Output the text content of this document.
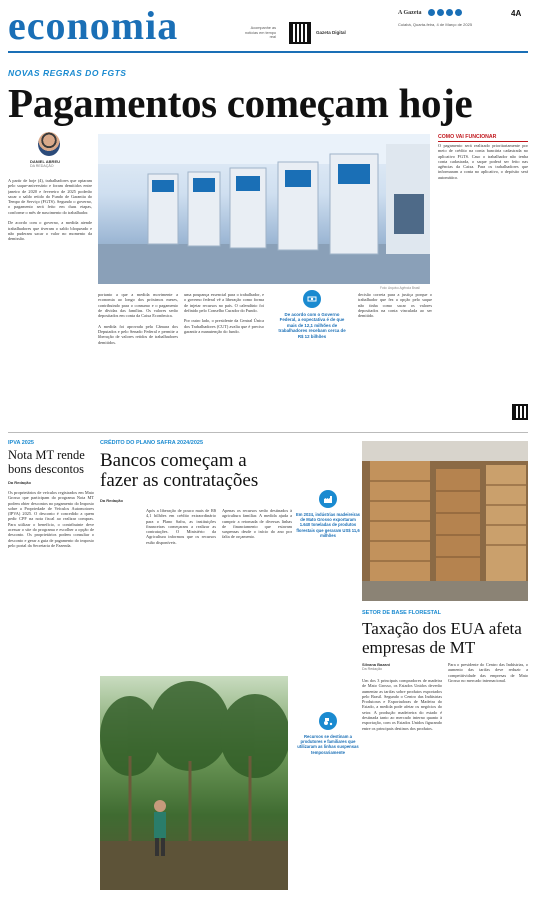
economia	Acompanhe as notícias em tempo real
Gazeta Digital
A Gazeta	4A
Cuiabá, Quarta-feira, 4 de Março de 2025
NOVAS REGRAS DO FGTS
Pagamentos começam hoje
DANIEL ABREU
DA REDAÇÃO
Foto: Arquivo Agência Brasil
COMO VAI FUNCIONAR
O pagamento será realizado prioritariamente por meio de crédito na conta bancária cadastrada no aplicativo FGTS. Caso o trabalhador não tenha conta cadastrada, o saque poderá ser feito nas agências da Caixa. Para os trabalhadores que informaram a conta no aplicativo, o depósito será automático.
A partir de hoje (4), trabalhadores que optaram pelo saque-aniversário e foram demitidos entre janeiro de 2020 e fevereiro de 2025 poderão sacar o saldo retido do Fundo de Garantia do Tempo de Serviço (FGTS). Segundo o governo, o pagamento será feito em duas etapas, conforme o mês de nascimento do trabalhador.

De acordo com o governo, a medida atende trabalhadores que tiveram o saldo bloqueado e não puderam sacar o valor no momento da demissão.
portanto a que a medida movimente a economia ao longo dos próximos meses, contribuindo para o consumo e o pagamento de dívidas das famílias. Os valores serão depositados em conta da Caixa Econômica.

A medida foi aprovada pela Câmara dos Deputados e pelo Senado Federal e permite a liberação de valores retidos de trabalhadores demitidos.
uma poupança essencial para o trabalhador, e o governo federal vê a liberação como forma de injetar recursos no país. O calendário foi definido pelo Conselho Curador do Fundo.

Por outro lado, o presidente da Central Única dos Trabalhadores (CUT) avalia que é preciso garantir a manutenção do fundo.
De acordo com o Governo Federal, a expectativa é de que mais de 12,1 milhões de trabalhadores recebam cerca de R$ 12 bilhões
decisão correta para a justiça porque o trabalhador que fez a opção pelo saque não tinha como sacar os valores depositados na conta vinculada ao ser demitido.
IPVA 2025
Nota MT rende bons descontos
Da Redação
Os proprietários de veículos registrados em Mato Grosso que participam do programa Nota MT podem obter descontos no pagamento do Imposto sobre a Propriedade de Veículos Automotores (IPVA) 2025. O desconto é concedido a quem pedir CPF na nota fiscal ao realizar compras. Para utilizar o benefício, o contribuinte deve acessar o site do programa e escolher a opção de desconto. Os proprietários podem consultar o desconto e gerar a guia de pagamento do imposto pelo portal da Secretaria de Fazenda.
CRÉDITO DO PLANO SAFRA 2024/2025
Bancos começam a fazer as contratações
Da Redação
Após a liberação de pouco mais de R$ 4,1 bilhões em crédito extraordinário para o Plano Safra, as instituições financeiras começaram a realizar as contratações. O Ministério da Agricultura informou que os recursos estão disponíveis.
Apenas os recursos serão destinados à agricultura familiar. A medida ajuda a cumprir a retomada de diversas linhas de financiamento que estavam suspensas desde o início do ano por falta de orçamento.
Em 2024, indústrias madeireiras de Mato Grosso exportaram 1.640 toneladas de produtos florestais que geraram US$ 11,6 milhões
Recursos se destinam a produtores e familiares que utilizaram as linhas suspensas temporariamente
SETOR DE BASE FLORESTAL
Taxação dos EUA afeta empresas de MT
Silvana Bazani
Da Redação
Um dos 3 principais compradores de madeira de Mato Grosso, os Estados Unidos deverão aumentar as tarifas sobre produtos exportados pelo Brasil. Segundo o Centro das Indústrias Produtoras e Exportadoras de Madeira do Estado, a medida pode afetar os negócios do setor. A produção madeireira do estado é destinada tanto ao mercado interno quanto à exportação, com os Estados Unidos figurando entre os principais destinos dos produtos.
Para o presidente do Centro das Indústrias, o aumento das tarifas deve reduzir a competitividade das empresas de Mato Grosso no mercado internacional.
